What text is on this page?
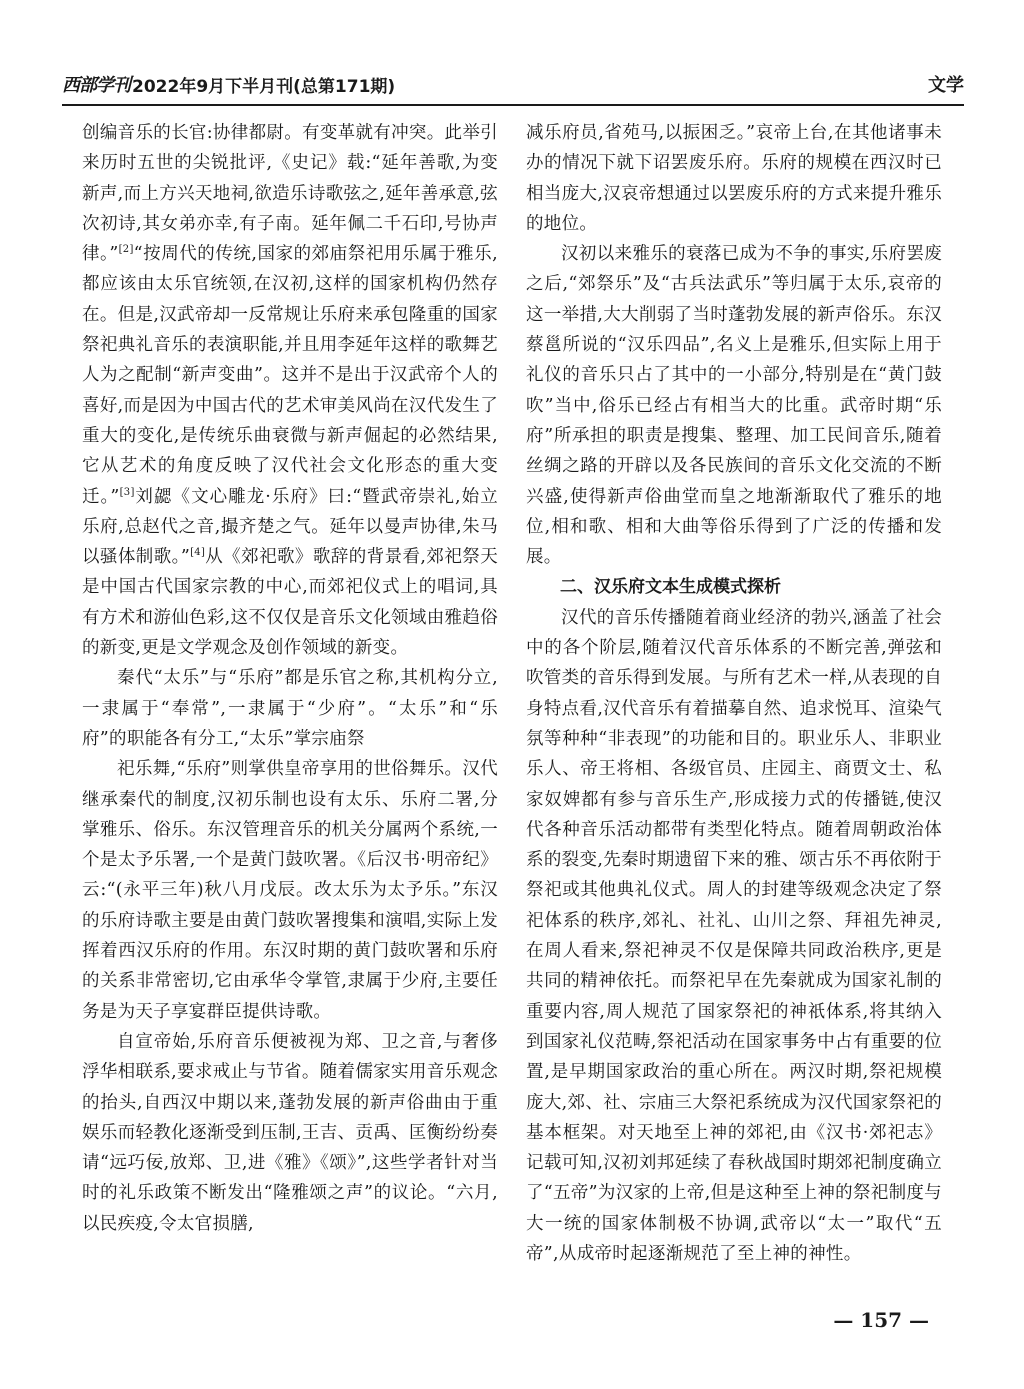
西部学刊 2022年9月下半月刊(总第171期)	文学

创编音乐的长官:协律都尉。有变革就有冲突。此举引来历时五世的尖锐批评,《史记》载:“延年善歌,为变新声,而上方兴天地祠,欲造乐诗歌弦之,延年善承意,弦次初诗,其女弟亦幸,有子南。延年佩二千石印,号协声律。”[2]“按周代的传统,国家的郊庙祭祀用乐属于雅乐,都应该由太乐官统领,在汉初,这样的国家机构仍然存在。但是,汉武帝却一反常规让乐府来承包隆重的国家祭祀典礼音乐的表演职能,并且用李延年这样的歌舞艺人为之配制“新声变曲”。这并不是出于汉武帝个人的喜好,而是因为中国古代的艺术审美风尚在汉代发生了重大的变化,是传统乐曲衰微与新声倔起的必然结果,它从艺术的角度反映了汉代社会文化形态的重大变迁。”[3]刘勰《文心雕龙·乐府》曰:“暨武帝崇礼,始立乐府,总赵代之音,撮齐楚之气。延年以曼声协律,朱马以骚体制歌。”[4]从《郊祀歌》歌辞的背景看,郊祀祭天是中国古代国家宗教的中心,而郊祀仪式上的唱词,具有方术和游仙色彩,这不仅仅是音乐文化领域由雅趋俗的新变,更是文学观念及创作领域的新变。

秦代“太乐”与“乐府”都是乐官之称,其机构分立,一隶属于“奉常”,一隶属于“少府”。“太乐”和“乐府”的职能各有分工,“太乐”掌宗庙祭

祀乐舞,“乐府”则掌供皇帝享用的世俗舞乐。汉代继承秦代的制度,汉初乐制也设有太乐、乐府二署,分掌雅乐、俗乐。东汉管理音乐的机关分属两个系统,一个是太予乐署,一个是黄门鼓吹署。《后汉书·明帝纪》云:“(永平三年)秋八月戊辰。改太乐为太予乐。”东汉的乐府诗歌主要是由黄门鼓吹署搜集和演唱,实际上发挥着西汉乐府的作用。东汉时期的黄门鼓吹署和乐府的关系非常密切,它由承华令掌管,隶属于少府,主要任务是为天子享宴群臣提供诗歌。

自宣帝始,乐府音乐便被视为郑、卫之音,与奢侈浮华相联系,要求戒止与节省。随着儒家实用音乐观念的抬头,自西汉中期以来,蓬勃发展的新声俗曲由于重娱乐而轻教化逐渐受到压制,王吉、贡禹、匡衡纷纷奏请“远巧佞,放郑、卫,进《雅》《颂》”,这些学者针对当时的礼乐政策不断发出“隆雅颂之声”的议论。“六月,以民疾疫,令太官损膳,

减乐府员,省苑马,以振困乏。”哀帝上台,在其他诸事未办的情况下就下诏罢废乐府。乐府的规模在西汉时已相当庞大,汉哀帝想通过以罢废乐府的方式来提升雅乐的地位。

汉初以来雅乐的衰落已成为不争的事实,乐府罢废之后,“郊祭乐”及“古兵法武乐”等归属于太乐,哀帝的这一举措,大大削弱了当时蓬勃发展的新声俗乐。东汉蔡邕所说的“汉乐四品”,名义上是雅乐,但实际上用于礼仪的音乐只占了其中的一小部分,特别是在“黄门鼓吹”当中,俗乐已经占有相当大的比重。武帝时期“乐府”所承担的职责是搜集、整理、加工民间音乐,随着丝绸之路的开辟以及各民族间的音乐文化交流的不断兴盛,使得新声俗曲堂而皇之地渐渐取代了雅乐的地位,相和歌、相和大曲等俗乐得到了广泛的传播和发展。

二、汉乐府文本生成模式探析

汉代的音乐传播随着商业经济的勃兴,涵盖了社会中的各个阶层,随着汉代音乐体系的不断完善,弹弦和吹管类的音乐得到发展。与所有艺术一样,从表现的自身特点看,汉代音乐有着描摹自然、追求悦耳、渲染气氛等种种“非表现”的功能和目的。职业乐人、非职业乐人、帝王将相、各级官员、庄园主、商贾文士、私家奴婢都有参与音乐生产,形成接力式的传播链,使汉代各种音乐活动都带有类型化特点。随着周朝政治体系的裂变,先秦时期遗留下来的雅、颂古乐不再依附于祭祀或其他典礼仪式。周人的封建等级观念决定了祭祀体系的秩序,郊礼、社礼、山川之祭、拜祖先神灵,在周人看来,祭祀神灵不仅是保障共同政治秩序,更是共同的精神依托。而祭祀早在先秦就成为国家礼制的重要内容,周人规范了国家祭祀的神祇体系,将其纳入到国家礼仪范畴,祭祀活动在国家事务中占有重要的位置,是早期国家政治的重心所在。两汉时期,祭祀规模庞大,郊、社、宗庙三大祭祀系统成为汉代国家祭祀的基本框架。对天地至上神的郊祀,由《汉书·郊祀志》记载可知,汉初刘邦延续了春秋战国时期郊祀制度确立了“五帝”为汉家的上帝,但是这种至上神的祭祀制度与大一统的国家体制极不协调,武帝以“太一”取代“五帝”,从成帝时起逐渐规范了至上神的神性。

— 157 —
